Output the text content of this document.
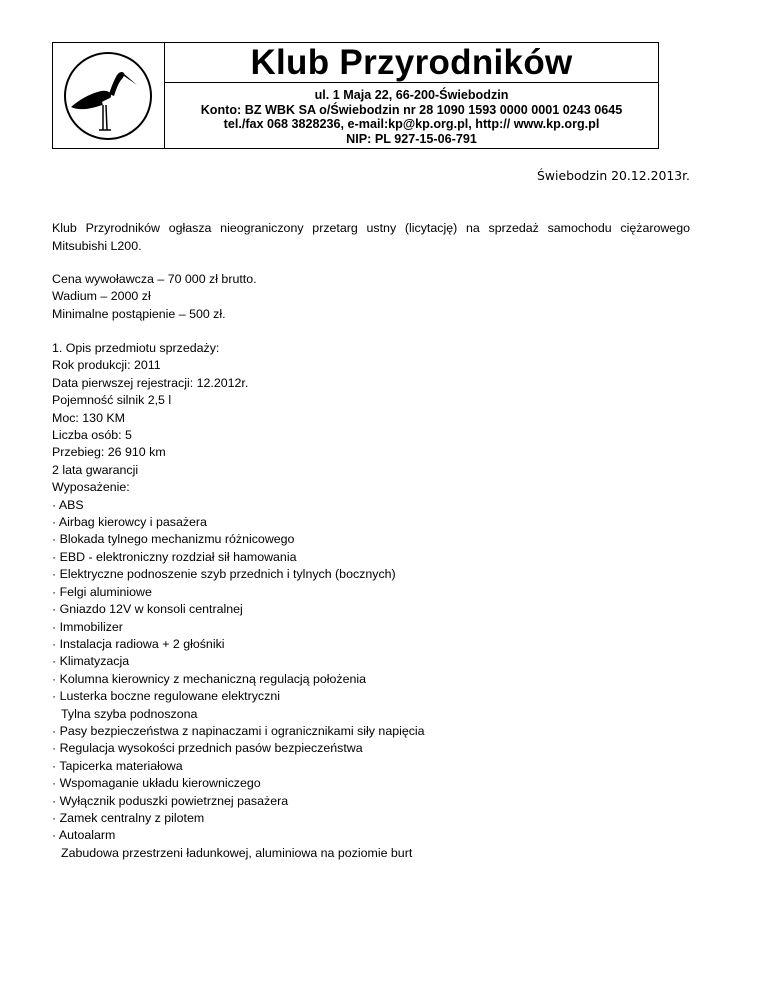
Klub Przyrodników
ul. 1 Maja 22, 66-200-Świebodzin
Konto: BZ WBK SA o/Świebodzin nr 28 1090 1593 0000 0001 0243 0645
tel./fax 068 3828236, e-mail:kp@kp.org.pl, http:// www.kp.org.pl
NIP: PL 927-15-06-791
Świebodzin 20.12.2013r.

Klub Przyrodników ogłasza nieograniczony przetarg ustny (licytację) na sprzedaż samochodu ciężarowego Mitsubishi L200.

Cena wywoławcza – 70 000 zł brutto.
Wadium – 2000 zł
Minimalne postąpienie – 500 zł.
1. Opis przedmiotu sprzedaży:
Rok produkcji: 2011
Data pierwszej rejestracji: 12.2012r.
Pojemność silnik 2,5 l
Moc: 130 KM
Liczba osób: 5
Przebieg: 26 910 km
2 lata gwarancji
Wyposażenie:
· ABS
· Airbag kierowcy i pasażera
· Blokada tylnego mechanizmu różnicowego
· EBD - elektroniczny rozdział sił hamowania
· Elektryczne podnoszenie szyb przednich i tylnych (bocznych)
· Felgi aluminiowe
· Gniazdo 12V w konsoli centralnej
· Immobilizer
· Instalacja radiowa + 2 głośniki
· Klimatyzacja
· Kolumna kierownicy z mechaniczną regulacją położenia
· Lusterka boczne regulowane elektryczni
Tylna szyba podnoszona
· Pasy bezpieczeństwa z napinaczami i ogranicznikami siły napięcia
· Regulacja wysokości przednich pasów bezpieczeństwa
· Tapicerka materiałowa
· Wspomaganie układu kierowniczego
· Wyłącznik poduszki powietrznej pasażera
· Zamek centralny z pilotem
· Autoalarm
Zabudowa przestrzeni ładunkowej, aluminiowa na poziomie burt
